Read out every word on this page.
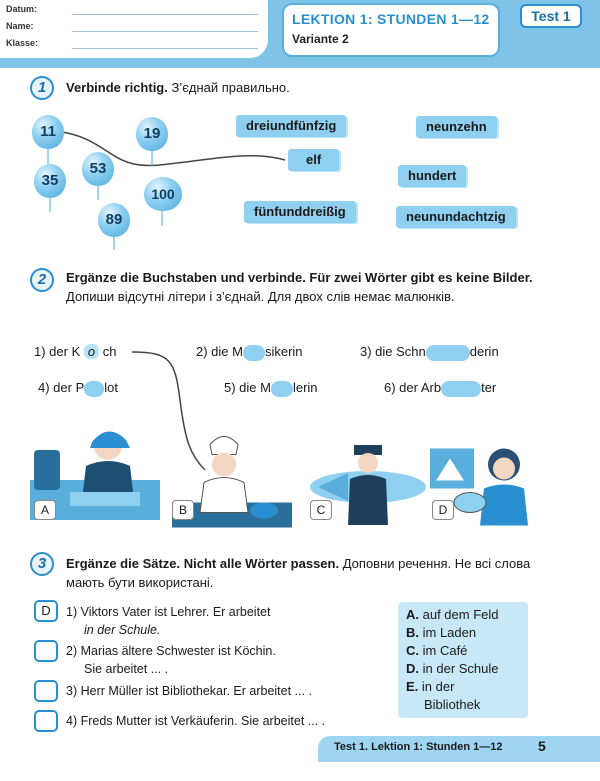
Datum:
Name:
Klasse:
LEKTION 1: STUNDEN 1—12
Variante 2
Test 1
1	Verbinde richtig. З’єднай правильно.
11	19
53
35
100
89
dreiundfünfzig	neunzehn
elf
hundert
fünfunddreißig	neunundachtzig
2	Ergänze die Buchstaben und verbinde. Für zwei Wörter gibt es keine Bilder. Допиши відсутні літери і з’єднай. Для двох слів немає малюнків.
1) der K o ch	2) die M sikerin	3) die Schn	derin
4) der P lot	5) die M lerin	6) der Arb	ter
A	B	C	D
3	Ergänze die Sätze. Nicht alle Wörter passen. Доповни речення. Не всі слова мають бути використані.
D	1) Viktors Vater ist Lehrer. Er arbeitet
in der Schule.
2) Marias ältere Schwester ist Köchin.
Sie arbeitet ... .
3) Herr Müller ist Bibliothekar. Er arbeitet ... .
4) Freds Mutter ist Verkäuferin. Sie arbeitet ... .
A. auf dem Feld
B. im Laden
C. im Café
D. in der Schule
E. in der
Bibliothek
Test 1. Lektion 1: Stunden 1—12	5
